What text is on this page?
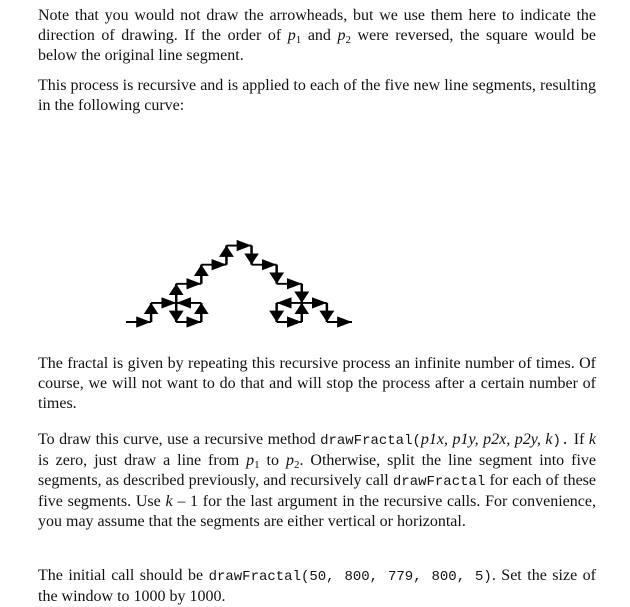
Note that you would not draw the arrowheads, but we use them here to indicate the direction of drawing. If the order of $p_1$ and $p_2$ were reversed, the square would be below the original line segment.

This process is recursive and is applied to each of the five new line segments, resulting in the following curve:

The fractal is given by repeating this recursive process an infinite number of times. Of course, we will not want to do that and will stop the process after a certain number of times.

To draw this curve, use a recursive method drawFractal(p1x, p1y, p2x, p2y, k). If k is zero, just draw a line from $p_1$ to $p_2$. Otherwise, split the line segment into five segments, as described previously, and recursively call drawFractal for each of these five segments. Use k – 1 for the last argument in the recursive calls. For convenience, you may assume that the segments are either vertical or horizontal.

The initial call should be drawFractal(50, 800, 779, 800, 5). Set the size of the window to 1000 by 1000.
